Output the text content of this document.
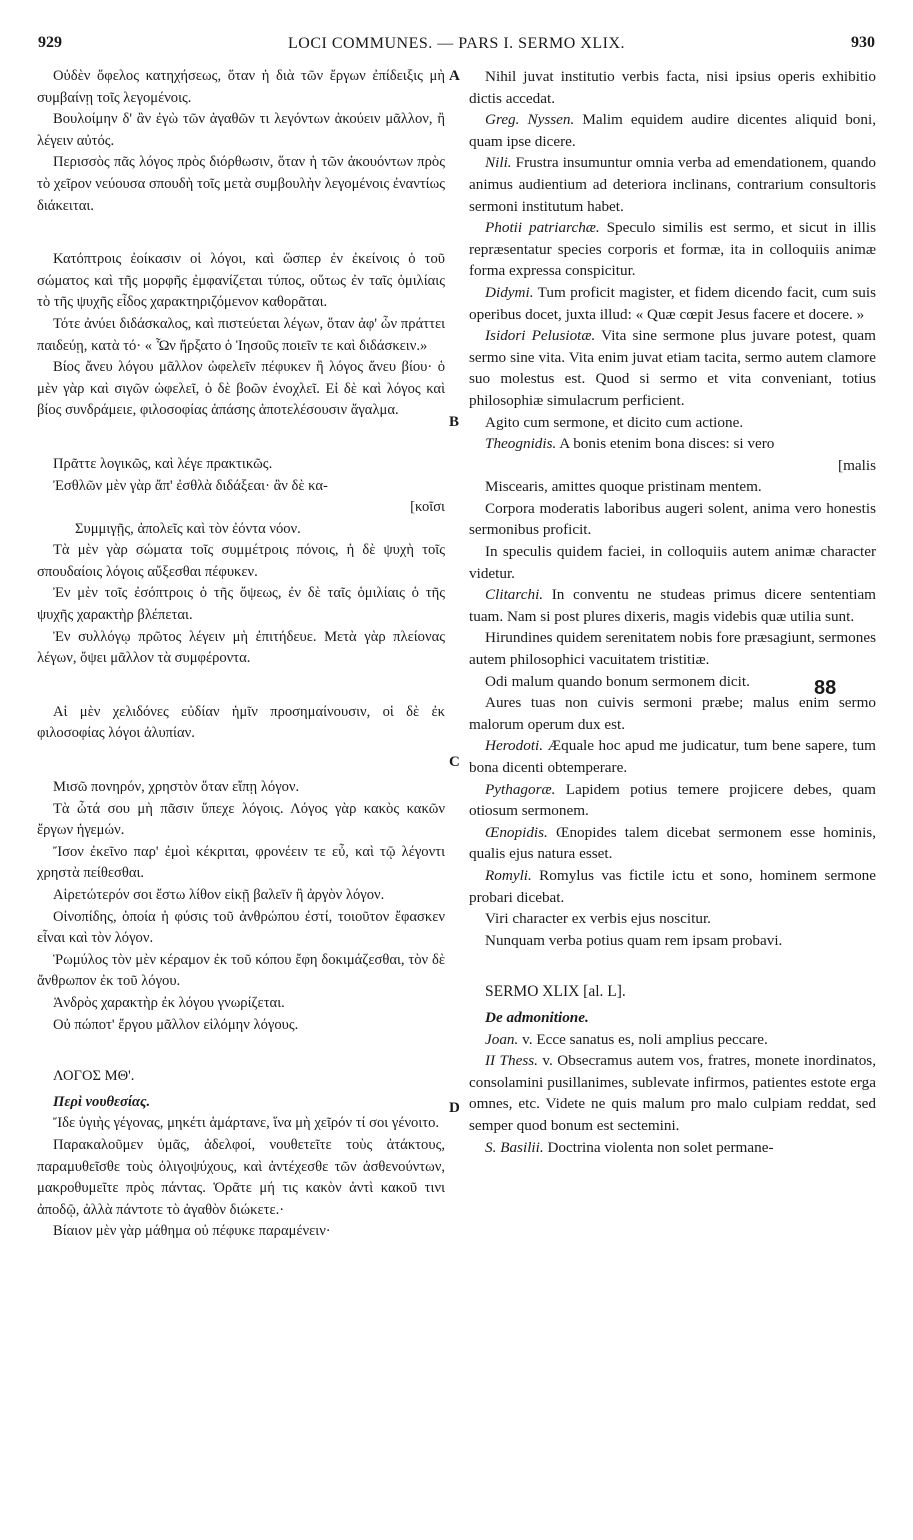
929	LOCI COMMUNES. — PARS I. SERMO XLIX.	930

Οὐδὲν ὄφελος κατηχήσεως, ὅταν ἡ διὰ τῶν ἔργων ἐπίδειξις μὴ συμβαίνῃ τοῖς λεγομένοις.

Βουλοίμην δ' ἂν ἐγὼ τῶν ἀγαθῶν τι λεγόντων ἀκούειν μᾶλλον, ἢ λέγειν αὐτός.

Περισσὸς πᾶς λόγος πρὸς διόρθωσιν, ὅταν ἡ τῶν ἀκουόντων πρὸς τὸ χεῖρον νεύουσα σπουδὴ τοῖς μετὰ συμβουλὴν λεγομένοις ἐναντίως διάκειται.

Κατόπτροις ἐοίκασιν οἱ λόγοι, καὶ ὥσπερ ἐν ἐκείνοις ὁ τοῦ σώματος καὶ τῆς μορφῆς ἐμφανίζεται τύπος, οὕτως ἐν ταῖς ὁμιλίαις τὸ τῆς ψυχῆς εἶδος χαρακτηριζόμενον καθορᾶται.

Τότε ἀνύει διδάσκαλος, καὶ πιστεύεται λέγων, ὅταν ἀφ' ὧν πράττει παιδεύῃ, κατὰ τό· « Ὧν ἤρξατο ὁ Ἰησοῦς ποιεῖν τε καὶ διδάσκειν.»

Βίος ἄνευ λόγου μᾶλλον ὠφελεῖν πέφυκεν ἢ λόγος ἄνευ βίου· ὁ μὲν γὰρ καὶ σιγῶν ὠφελεῖ, ὁ δὲ βοῶν ἐνοχλεῖ. Εἰ δὲ καὶ λόγος καὶ βίος συνδράμειε, φιλοσοφίας ἁπάσης ἀποτελέσουσιν ἄγαλμα.

Πρᾶττε λογικῶς, καὶ λέγε πρακτικῶς.

Ἐσθλῶν μὲν γὰρ ἄπ' ἐσθλὰ διδάξεαι· ἂν δὲ κα-

[κοῖσι

Συμμιγῇς, ἀπολεῖς καὶ τὸν ἐόντα νόον.

Τὰ μὲν γὰρ σώματα τοῖς συμμέτροις πόνοις, ἡ δὲ ψυχὴ τοῖς σπουδαίοις λόγοις αὔξεσθαι πέφυκεν.

Ἐν μὲν τοῖς ἐσόπτροις ὁ τῆς ὄψεως, ἐν δὲ ταῖς ὁμιλίαις ὁ τῆς ψυχῆς χαρακτὴρ βλέπεται.

Ἐν συλλόγῳ πρῶτος λέγειν μὴ ἐπιτήδευε. Μετὰ γὰρ πλείονας λέγων, ὄψει μᾶλλον τὰ συμφέροντα.

Αἱ μὲν χελιδόνες εὐδίαν ἡμῖν προσημαίνουσιν, οἱ δὲ ἐκ φιλοσοφίας λόγοι ἀλυπίαν.

Μισῶ πονηρόν, χρηστὸν ὅταν εἴπῃ λόγον.

Τὰ ὦτά σου μὴ πᾶσιν ὕπεχε λόγοις. Λόγος γὰρ κακὸς κακῶν ἔργων ἡγεμών.

Ἴσον ἐκεῖνο παρ' ἐμοὶ κέκριται, φρονέειν τε εὖ, καὶ τῷ λέγοντι χρηστὰ πείθεσθαι.

Αἱρετώτερόν σοι ἔστω λίθον εἰκῇ βαλεῖν ἢ ἀργὸν λόγον.

Οἰνοπίδης, ὁποία ἡ φύσις τοῦ ἀνθρώπου ἐστί, τοιοῦτον ἔφασκεν εἶναι καὶ τὸν λόγον.

Ῥωμύλος τὸν μὲν κέραμον ἐκ τοῦ κόπου ἔφη δοκιμάζεσθαι, τὸν δὲ ἄνθρωπον ἐκ τοῦ λόγου.

Ἀνδρὸς χαρακτὴρ ἐκ λόγου γνωρίζεται.

Οὐ πώποτ' ἔργου μᾶλλον εἱλόμην λόγους.

ΛΟΓΟΣ ΜΘ'.

Περὶ νουθεσίας.

Ἴδε ὑγιὴς γέγονας, μηκέτι ἁμάρτανε, ἵνα μὴ χεῖρόν τί σοι γένοιτο.

Παρακαλοῦμεν ὑμᾶς, ἀδελφοί, νουθετεῖτε τοὺς ἀτάκτους, παραμυθεῖσθε τοὺς ὀλιγοψύχους, καὶ ἀντέχεσθε τῶν ἀσθενούντων, μακροθυμεῖτε πρὸς πάντας. Ὁρᾶτε μή τις κακὸν ἀντὶ κακοῦ τινι ἀποδῷ, ἀλλὰ πάντοτε τὸ ἀγαθὸν διώκετε.·

Βίαιον μὲν γὰρ μάθημα οὐ πέφυκε παραμένειν·

A
B
C
D
88

Nihil juvat institutio verbis facta, nisi ipsius operis exhibitio dictis accedat.

Greg. Nyssen. Malim equidem audire dicentes aliquid boni, quam ipse dicere.

Nili. Frustra insumuntur omnia verba ad emendationem, quando animus audientium ad deteriora inclinans, contrarium consultoris sermoni institutum habet.

Photii patriarchæ. Speculo similis est sermo, et sicut in illis repræsentatur species corporis et formæ, ita in colloquiis animæ forma expressa conspicitur.

Didymi. Tum proficit magister, et fidem dicendo facit, cum suis operibus docet, juxta illud: « Quæ cœpit Jesus facere et docere. »

Isidori Pelusiotæ. Vita sine sermone plus juvare potest, quam sermo sine vita. Vita enim juvat etiam tacita, sermo autem clamore suo molestus est. Quod si sermo et vita conveniant, totius philosophiæ simulacrum perficient.

Agito cum sermone, et dicito cum actione.

Theognidis. A bonis etenim bona disces: si vero

[malis

Miscearis, amittes quoque pristinam mentem.

Corpora moderatis laboribus augeri solent, anima vero honestis sermonibus proficit.

In speculis quidem faciei, in colloquiis autem animæ character videtur.

Clitarchi. In conventu ne studeas primus dicere sententiam tuam. Nam si post plures dixeris, magis videbis quæ utilia sunt.

Hirundines quidem serenitatem nobis fore præsagiunt, sermones autem philosophici vacuitatem tristitiæ.

Odi malum quando bonum sermonem dicit.

Aures tuas non cuivis sermoni præbe; malus enim sermo malorum operum dux est.

Herodoti. Æquale hoc apud me judicatur, tum bene sapere, tum bona dicenti obtemperare.

Pythagoræ. Lapidem potius temere projicere debes, quam otiosum sermonem.

Œnopidis. Œnopides talem dicebat sermonem esse hominis, qualis ejus natura esset.

Romyli. Romylus vas fictile ictu et sono, hominem sermone probari dicebat.

Viri character ex verbis ejus noscitur.

Nunquam verba potius quam rem ipsam probavi.

SERMO XLIX [al. L].

De admonitione.

Joan. v. Ecce sanatus es, noli amplius peccare.

II Thess. v. Obsecramus autem vos, fratres, monete inordinatos, consolamini pusillanimes, sublevate infirmos, patientes estote erga omnes, etc. Videte ne quis malum pro malo culpiam reddat, sed semper quod bonum est sectemini.

S. Basilii. Doctrina violenta non solet permane-
